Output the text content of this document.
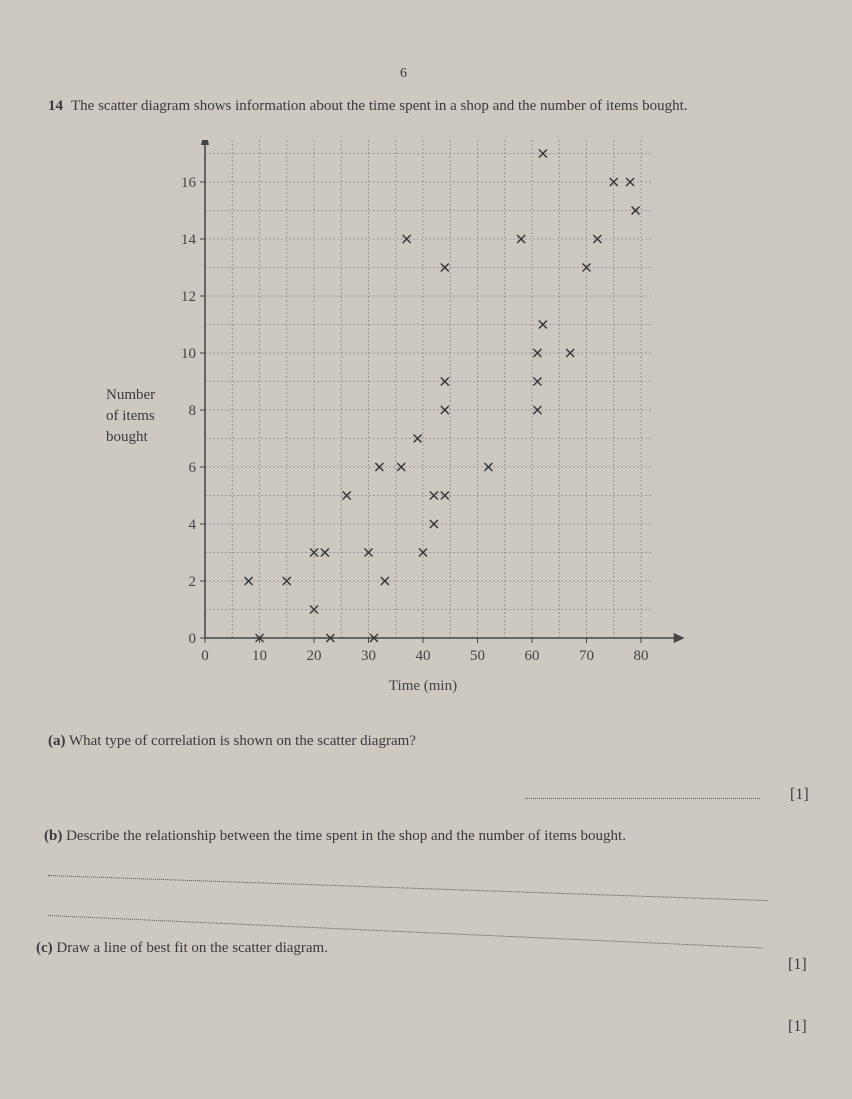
6
14 The scatter diagram shows information about the time spent in a shop and the number of items bought.
Number
of items
bought
0	10	20	30	40	50	60	70	80
0
2
4
6
8
10
12
14
16
Time (min)
(a) What type of correlation is shown on the scatter diagram?
[1]
(b) Describe the relationship between the time spent in the shop and the number of items bought.
[1]
(c) Draw a line of best fit on the scatter diagram.
[1]
